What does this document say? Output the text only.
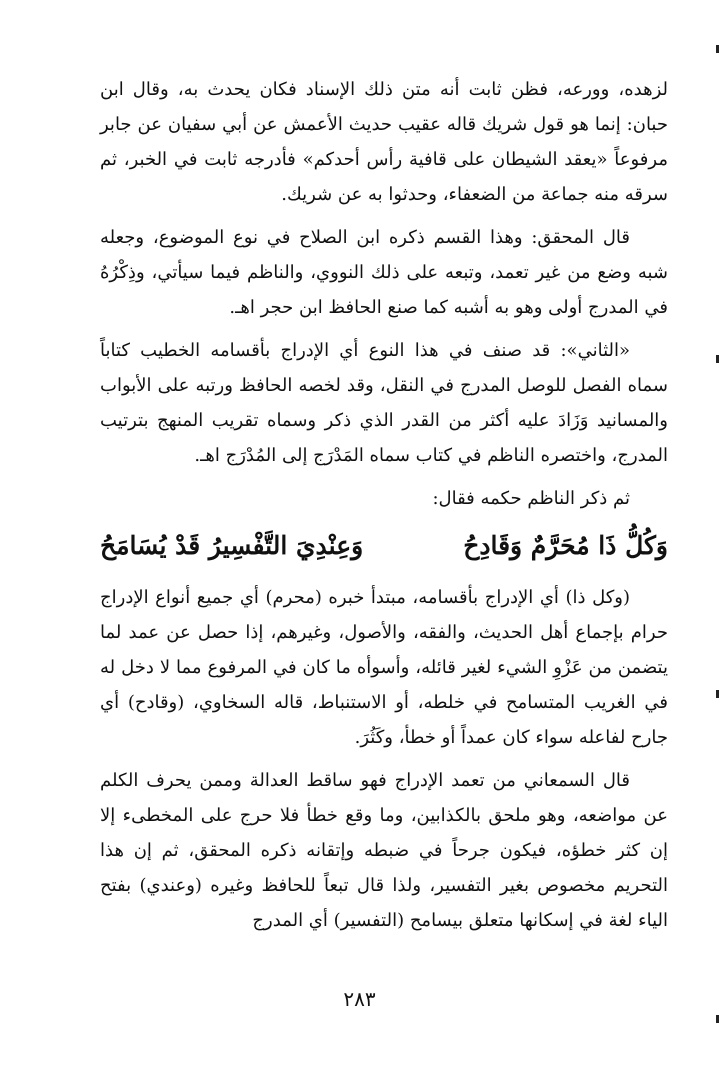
لزهده، وورعه، فظن ثابت أنه متن ذلك الإسناد فكان يحدث به، وقال ابن حبان: إنما هو قول شريك قاله عقيب حديث الأعمش عن أبي سفيان عن جابر مرفوعاً «يعقد الشيطان على قافية رأس أحدكم» فأدرجه ثابت في الخبر، ثم سرقه منه جماعة من الضعفاء، وحدثوا به عن شريك.

قال المحقق: وهذا القسم ذكره ابن الصلاح في نوع الموضوع، وجعله شبه وضع من غير تعمد، وتبعه على ذلك النووي، والناظم فيما سيأتي، وذِكْرُهُ في المدرج أولى وهو به أشبه كما صنع الحافظ ابن حجر اهـ.

«الثاني»: قد صنف في هذا النوع أي الإدراج بأقسامه الخطيب كتاباً سماه الفصل للوصل المدرج في النقل، وقد لخصه الحافظ ورتبه على الأبواب والمسانيد وَزَادَ عليه أكثر من القدر الذي ذكر وسماه تقريب المنهج بترتيب المدرج، واختصره الناظم في كتاب سماه المَدْرَج إلى المُدْرَج اهـ.

ثم ذكر الناظم حكمه فقال:

وَكُلُّ ذَا مُحَرَّمٌ وَقَادِحُ
وَعِنْدِيَ التَّفْسِيرُ قَدْ يُسَامَحُ

(وكل ذا) أي الإدراج بأقسامه، مبتدأ خبره (محرم) أي جميع أنواع الإدراج حرام بإجماع أهل الحديث، والفقه، والأصول، وغيرهم، إذا حصل عن عمد لما يتضمن من عَزْوِ الشيء لغير قائله، وأسوأه ما كان في المرفوع مما لا دخل له في الغريب المتسامح في خلطه، أو الاستنباط، قاله السخاوي، (وقادح) أي جارح لفاعله سواء كان عمداً أو خطأ، وكَثُرَ.

قال السمعاني من تعمد الإدراج فهو ساقط العدالة وممن يحرف الكلم عن مواضعه، وهو ملحق بالكذابين، وما وقع خطأ فلا حرج على المخطىء إلا إن كثر خطؤه، فيكون جرحاً في ضبطه وإتقانه ذكره المحقق، ثم إن هذا التحريم مخصوص بغير التفسير، ولذا قال تبعاً للحافظ وغيره (وعندي) بفتح الياء لغة في إسكانها متعلق بيسامح (التفسير) أي المدرج

٢٨٣
